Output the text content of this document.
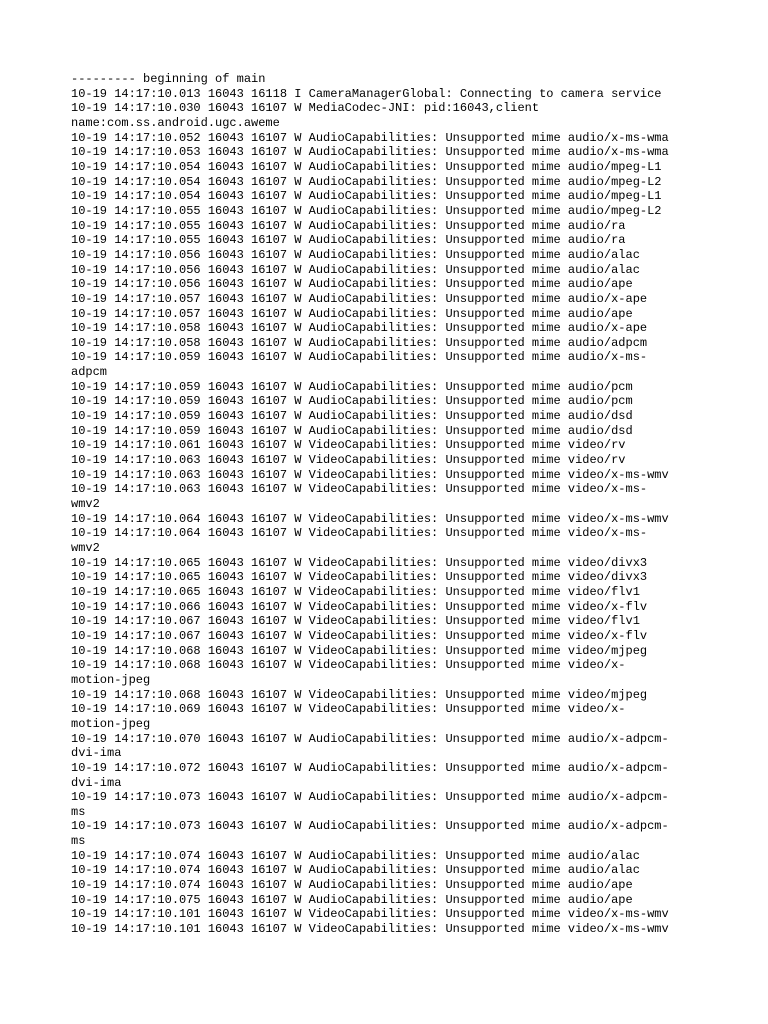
--------- beginning of main
10-19 14:17:10.013 16043 16118 I CameraManagerGlobal: Connecting to camera service
10-19 14:17:10.030 16043 16107 W MediaCodec-JNI: pid:16043,client
name:com.ss.android.ugc.aweme
10-19 14:17:10.052 16043 16107 W AudioCapabilities: Unsupported mime audio/x-ms-wma
10-19 14:17:10.053 16043 16107 W AudioCapabilities: Unsupported mime audio/x-ms-wma
10-19 14:17:10.054 16043 16107 W AudioCapabilities: Unsupported mime audio/mpeg-L1
10-19 14:17:10.054 16043 16107 W AudioCapabilities: Unsupported mime audio/mpeg-L2
10-19 14:17:10.054 16043 16107 W AudioCapabilities: Unsupported mime audio/mpeg-L1
10-19 14:17:10.055 16043 16107 W AudioCapabilities: Unsupported mime audio/mpeg-L2
10-19 14:17:10.055 16043 16107 W AudioCapabilities: Unsupported mime audio/ra
10-19 14:17:10.055 16043 16107 W AudioCapabilities: Unsupported mime audio/ra
10-19 14:17:10.056 16043 16107 W AudioCapabilities: Unsupported mime audio/alac
10-19 14:17:10.056 16043 16107 W AudioCapabilities: Unsupported mime audio/alac
10-19 14:17:10.056 16043 16107 W AudioCapabilities: Unsupported mime audio/ape
10-19 14:17:10.057 16043 16107 W AudioCapabilities: Unsupported mime audio/x-ape
10-19 14:17:10.057 16043 16107 W AudioCapabilities: Unsupported mime audio/ape
10-19 14:17:10.058 16043 16107 W AudioCapabilities: Unsupported mime audio/x-ape
10-19 14:17:10.058 16043 16107 W AudioCapabilities: Unsupported mime audio/adpcm
10-19 14:17:10.059 16043 16107 W AudioCapabilities: Unsupported mime audio/x-ms-
adpcm
10-19 14:17:10.059 16043 16107 W AudioCapabilities: Unsupported mime audio/pcm
10-19 14:17:10.059 16043 16107 W AudioCapabilities: Unsupported mime audio/pcm
10-19 14:17:10.059 16043 16107 W AudioCapabilities: Unsupported mime audio/dsd
10-19 14:17:10.059 16043 16107 W AudioCapabilities: Unsupported mime audio/dsd
10-19 14:17:10.061 16043 16107 W VideoCapabilities: Unsupported mime video/rv
10-19 14:17:10.063 16043 16107 W VideoCapabilities: Unsupported mime video/rv
10-19 14:17:10.063 16043 16107 W VideoCapabilities: Unsupported mime video/x-ms-wmv
10-19 14:17:10.063 16043 16107 W VideoCapabilities: Unsupported mime video/x-ms-
wmv2
10-19 14:17:10.064 16043 16107 W VideoCapabilities: Unsupported mime video/x-ms-wmv
10-19 14:17:10.064 16043 16107 W VideoCapabilities: Unsupported mime video/x-ms-
wmv2
10-19 14:17:10.065 16043 16107 W VideoCapabilities: Unsupported mime video/divx3
10-19 14:17:10.065 16043 16107 W VideoCapabilities: Unsupported mime video/divx3
10-19 14:17:10.065 16043 16107 W VideoCapabilities: Unsupported mime video/flv1
10-19 14:17:10.066 16043 16107 W VideoCapabilities: Unsupported mime video/x-flv
10-19 14:17:10.067 16043 16107 W VideoCapabilities: Unsupported mime video/flv1
10-19 14:17:10.067 16043 16107 W VideoCapabilities: Unsupported mime video/x-flv
10-19 14:17:10.068 16043 16107 W VideoCapabilities: Unsupported mime video/mjpeg
10-19 14:17:10.068 16043 16107 W VideoCapabilities: Unsupported mime video/x-
motion-jpeg
10-19 14:17:10.068 16043 16107 W VideoCapabilities: Unsupported mime video/mjpeg
10-19 14:17:10.069 16043 16107 W VideoCapabilities: Unsupported mime video/x-
motion-jpeg
10-19 14:17:10.070 16043 16107 W AudioCapabilities: Unsupported mime audio/x-adpcm-
dvi-ima
10-19 14:17:10.072 16043 16107 W AudioCapabilities: Unsupported mime audio/x-adpcm-
dvi-ima
10-19 14:17:10.073 16043 16107 W AudioCapabilities: Unsupported mime audio/x-adpcm-
ms
10-19 14:17:10.073 16043 16107 W AudioCapabilities: Unsupported mime audio/x-adpcm-
ms
10-19 14:17:10.074 16043 16107 W AudioCapabilities: Unsupported mime audio/alac
10-19 14:17:10.074 16043 16107 W AudioCapabilities: Unsupported mime audio/alac
10-19 14:17:10.074 16043 16107 W AudioCapabilities: Unsupported mime audio/ape
10-19 14:17:10.075 16043 16107 W AudioCapabilities: Unsupported mime audio/ape
10-19 14:17:10.101 16043 16107 W VideoCapabilities: Unsupported mime video/x-ms-wmv
10-19 14:17:10.101 16043 16107 W VideoCapabilities: Unsupported mime video/x-ms-wmv
